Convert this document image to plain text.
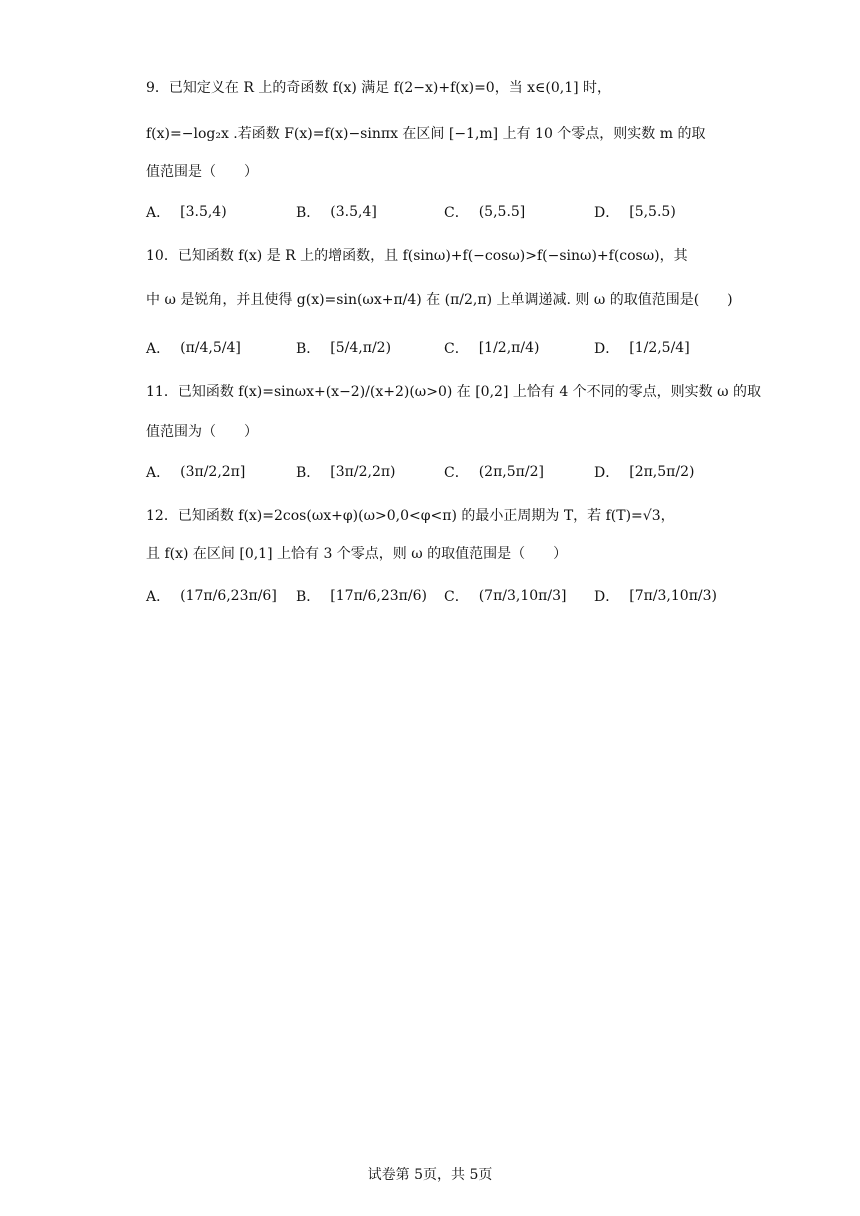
9．已知定义在 R 上的奇函数 f(x) 满足 f(2−x)+f(x)=0，当 x∈(0,1] 时，
f(x)=−log₂x .若函数 F(x)=f(x)−sinπx 在区间 [−1,m] 上有 10 个零点，则实数 m 的取
值范围是（　　）
A． [3.5,4)	B． (3.5,4]	C． (5,5.5]	D． [5,5.5)
10．已知函数 f(x) 是 R 上的增函数，且 f(sinω)+f(−cosω)>f(−sinω)+f(cosω)，其
中 ω 是锐角，并且使得 g(x)=sin(ωx+π/4) 在 (π/2,π) 上单调递减. 则 ω 的取值范围是(　　)
A． (π/4,5/4]	B． [5/4,π/2)	C． [1/2,π/4)	D． [1/2,5/4]
11．已知函数 f(x)=sinωx+(x−2)/(x+2)(ω>0) 在 [0,2] 上恰有 4 个不同的零点，则实数 ω 的取
值范围为（　　）
A． (3π/2,2π]	B． [3π/2,2π)	C． (2π,5π/2]	D． [2π,5π/2)
12．已知函数 f(x)=2cos(ωx+φ)(ω>0,0<φ<π) 的最小正周期为 T，若 f(T)=√3，
且 f(x) 在区间 [0,1] 上恰有 3 个零点，则 ω 的取值范围是（　　）
A． (17π/6,23π/6] B． [17π/6,23π/6) C． (7π/3,10π/3] D． [7π/3,10π/3)
试卷第 5页，共 5页
